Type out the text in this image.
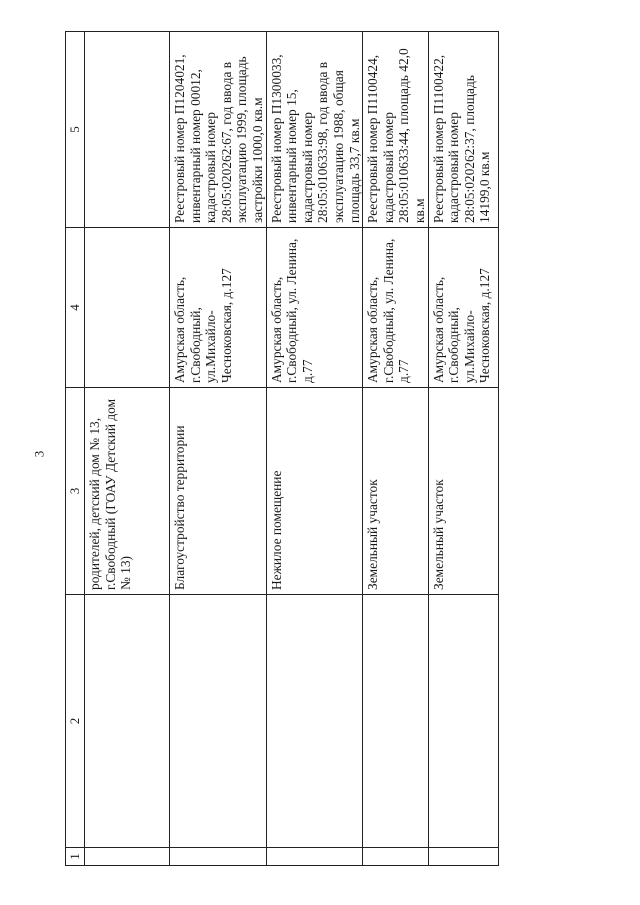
3
1	2	3	4	5
		родителей, детский дом № 13, г.Свободный (ГОАУ Детский дом № 13)		
		Благоустройство территории	Амурская область, г.Свободный, ул.Михайло-Чесноковская, д.127	Реестровый номер П1204021, инвентарный номер 00012, кадастровый номер 28:05:020262:67, год ввода в эксплуатацию 1999, площадь застройки 1000,0 кв.м
		Нежилое помещение	Амурская область, г.Свободный, ул. Ленина, д.77	Реестровый номер П1300033, инвентарный номер 15, кадастровый номер 28:05:010633:98, год ввода в эксплуатацию 1988, общая площадь 33,7 кв.м
		Земельный участок	Амурская область, г.Свободный, ул. Ленина, д.77	Реестровый номер П1100424, кадастровый номер 28:05:010633:44, площадь 42,0 кв.м
		Земельный участок	Амурская область, г.Свободный, ул.Михайло-Чесноковская, д.127	Реестровый номер П1100422, кадастровый номер 28:05:020262:37, площадь 14199,0 кв.м
